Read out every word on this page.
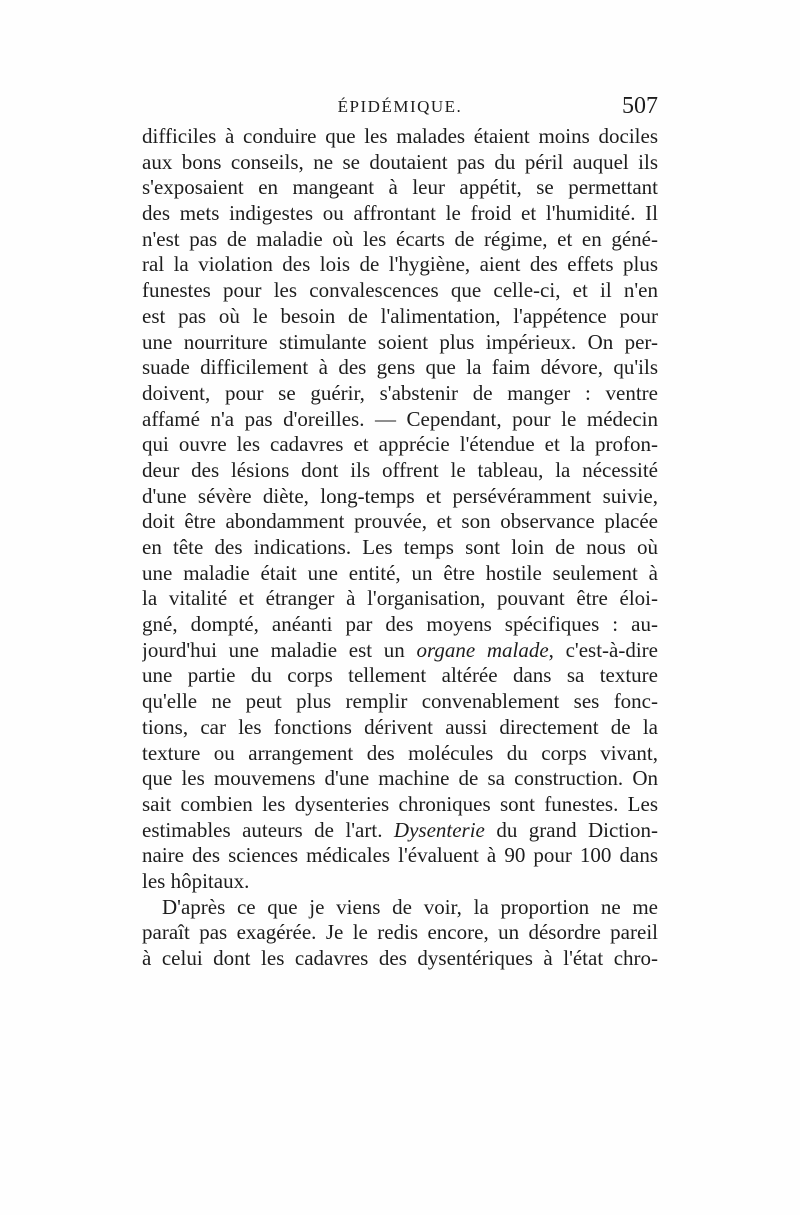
ÉPIDÉMIQUE.	507
difficiles à conduire que les malades étaient moins dociles
aux bons conseils, ne se doutaient pas du péril auquel ils
s'exposaient en mangeant à leur appétit, se permettant
des mets indigestes ou affrontant le froid et l'humidité. Il
n'est pas de maladie où les écarts de régime, et en géné-
ral la violation des lois de l'hygiène, aient des effets plus
funestes pour les convalescences que celle-ci, et il n'en
est pas où le besoin de l'alimentation, l'appétence pour
une nourriture stimulante soient plus impérieux. On per-
suade difficilement à des gens que la faim dévore, qu'ils
doivent, pour se guérir, s'abstenir de manger : ventre
affamé n'a pas d'oreilles. — Cependant, pour le médecin
qui ouvre les cadavres et apprécie l'étendue et la profon-
deur des lésions dont ils offrent le tableau, la nécessité
d'une sévère diète, long-temps et persévéramment suivie,
doit être abondamment prouvée, et son observance placée
en tête des indications. Les temps sont loin de nous où
une maladie était une entité, un être hostile seulement à
la vitalité et étranger à l'organisation, pouvant être éloi-
gné, dompté, anéanti par des moyens spécifiques : au-
jourd'hui une maladie est un organe malade, c'est-à-dire
une partie du corps tellement altérée dans sa texture
qu'elle ne peut plus remplir convenablement ses fonc-
tions, car les fonctions dérivent aussi directement de la
texture ou arrangement des molécules du corps vivant,
que les mouvemens d'une machine de sa construction. On
sait combien les dysenteries chroniques sont funestes. Les
estimables auteurs de l'art. Dysenterie du grand Diction-
naire des sciences médicales l'évaluent à 90 pour 100 dans
les hôpitaux.
D'après ce que je viens de voir, la proportion ne me
paraît pas exagérée. Je le redis encore, un désordre pareil
à celui dont les cadavres des dysentériques à l'état chro-
